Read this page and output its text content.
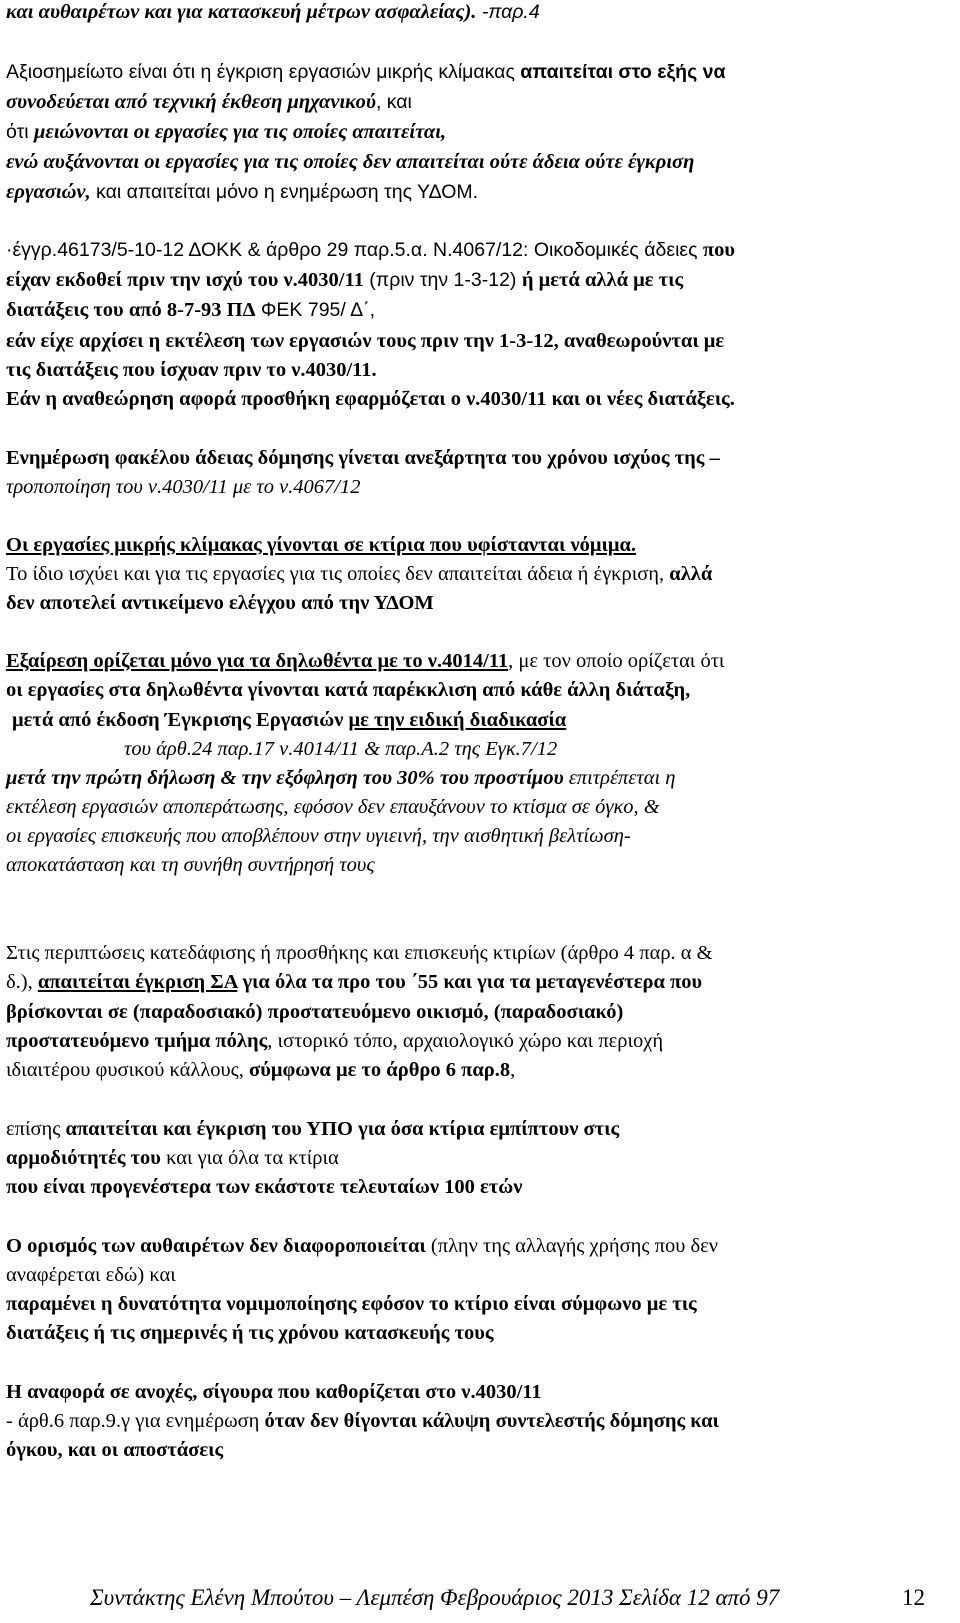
και αυθαιρέτων και για κατασκευή μέτρων ασφαλείας). -παρ.4
Αξιοσημείωτο είναι ότι η έγκριση εργασιών μικρής κλίμακας απαιτείται στο εξής να
συνοδεύεται από τεχνική έκθεση μηχανικού, και
ότι μειώνονται οι εργασίες για τις οποίες απαιτείται,
ενώ αυξάνονται οι εργασίες για τις οποίες δεν απαιτείται ούτε άδεια ούτε έγκριση
εργασιών, και απαιτείται μόνο η ενημέρωση της ΥΔΟΜ.
·έγγρ.46173/5-10-12 ΔΟΚΚ & άρθρο 29 παρ.5.α. Ν.4067/12: Οικοδομικές άδειες που
είχαν εκδοθεί πριν την ισχύ του ν.4030/11 (πριν την 1-3-12) ή μετά αλλά με τις
διατάξεις του από 8-7-93 ΠΔ ΦΕΚ 795/ Δ΄,
εάν είχε αρχίσει η εκτέλεση των εργασιών τους πριν την 1-3-12, αναθεωρούνται με
τις διατάξεις που ίσχυαν πριν το ν.4030/11.
Εάν η αναθεώρηση αφορά προσθήκη εφαρμόζεται ο ν.4030/11 και οι νέες διατάξεις.
Ενημέρωση φακέλου άδειας δόμησης γίνεται ανεξάρτητα του χρόνου ισχύος της –
τροποποίηση του ν.4030/11 με το ν.4067/12
Οι εργασίες μικρής κλίμακας γίνονται σε κτίρια που υφίστανται νόμιμα.
Το ίδιο ισχύει και για τις εργασίες για τις οποίες δεν απαιτείται άδεια ή έγκριση, αλλά
δεν αποτελεί αντικείμενο ελέγχου από την ΥΔΟΜ
Εξαίρεση ορίζεται μόνο για τα δηλωθέντα με το ν.4014/11, με τον οποίο ορίζεται ότι
οι εργασίες στα δηλωθέντα γίνονται κατά παρέκκλιση από κάθε άλλη διάταξη,
μετά από έκδοση Έγκρισης Εργασιών με την ειδική διαδικασία
του άρθ.24 παρ.17 ν.4014/11 & παρ.Α.2 της Εγκ.7/12
μετά την πρώτη δήλωση & την εξόφληση του 30% του προστίμου επιτρέπεται η
εκτέλεση εργασιών αποπεράτωσης, εφόσον δεν επαυξάνουν το κτίσμα σε όγκο, &
οι εργασίες επισκευής που αποβλέπουν στην υγιεινή, την αισθητική βελτίωση-
αποκατάσταση και τη συνήθη συντήρησή τους
Στις περιπτώσεις κατεδάφισης ή προσθήκης και επισκευής κτιρίων (άρθρο 4 παρ. α &
δ.), απαιτείται έγκριση ΣΑ για όλα τα προ του ΄55 και για τα μεταγενέστερα που
βρίσκονται σε (παραδοσιακό) προστατευόμενο οικισμό, (παραδοσιακό)
προστατευόμενο τμήμα πόλης, ιστορικό τόπο, αρχαιολογικό χώρο και περιοχή
ιδιαιτέρου φυσικού κάλλους, σύμφωνα με το άρθρο 6 παρ.8,
επίσης απαιτείται και έγκριση του ΥΠΟ για όσα κτίρια εμπίπτουν στις
αρμοδιότητές του και για όλα τα κτίρια
που είναι προγενέστερα των εκάστοτε τελευταίων 100 ετών
Ο ορισμός των αυθαιρέτων δεν διαφοροποιείται (πλην της αλλαγής χρήσης που δεν
αναφέρεται εδώ) και
παραμένει η δυνατότητα νομιμοποίησης εφόσον το κτίριο είναι σύμφωνο με τις
διατάξεις ή τις σημερινές ή τις χρόνου κατασκευής τους
Η αναφορά σε ανοχές, σίγουρα που καθορίζεται στο ν.4030/11
- άρθ.6 παρ.9.γ για ενημέρωση όταν δεν θίγονται κάλυψη συντελεστής δόμησης και
όγκου, και οι αποστάσεις
Συντάκτης Ελένη Μπούτου – Λεμπέση Φεβρουάριος 2013 Σελίδα 12 από 97	12
